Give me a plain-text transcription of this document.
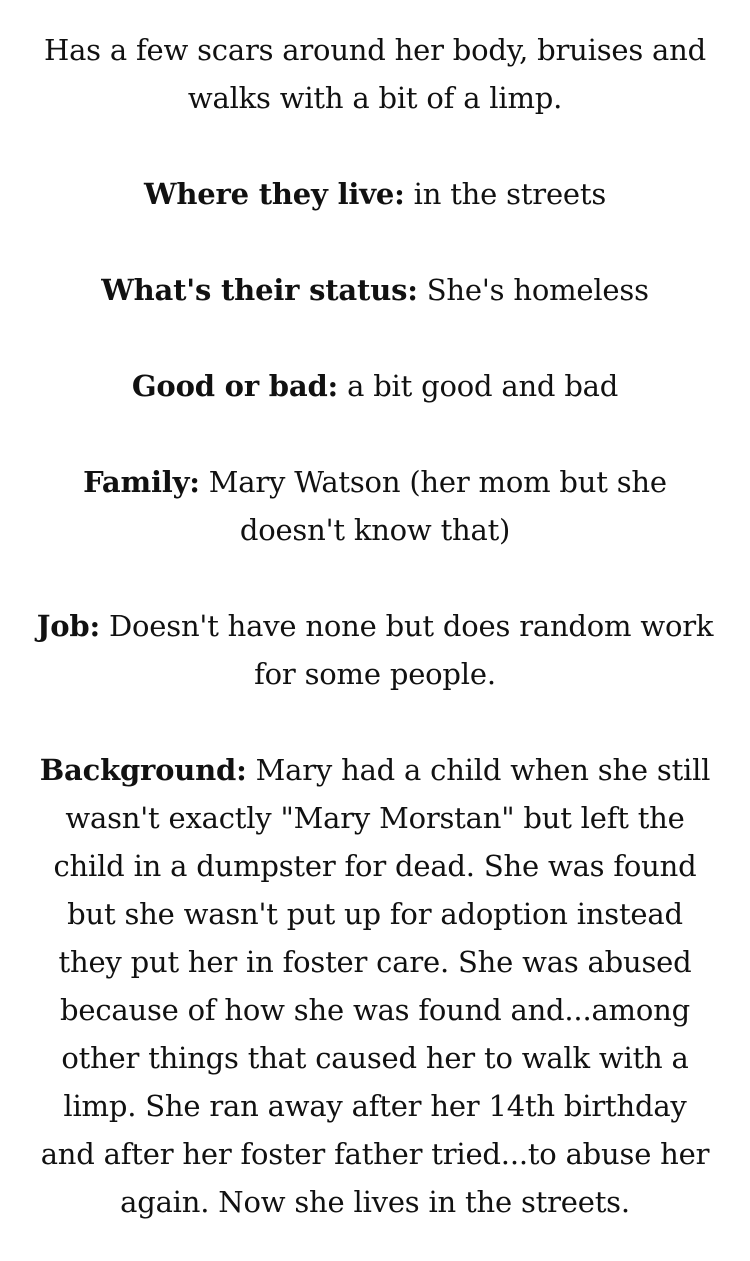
Has a few scars around her body, bruises and walks with a bit of a limp.

Where they live: in the streets

What's their status: She's homeless

Good or bad: a bit good and bad

Family: Mary Watson (her mom but she doesn't know that)

Job: Doesn't have none but does random work for some people.

Background: Mary had a child when she still wasn't exactly "Mary Morstan" but left the child in a dumpster for dead. She was found but she wasn't put up for adoption instead they put her in foster care. She was abused because of how she was found and...among other things that caused her to walk with a limp. She ran away after her 14th birthday and after her foster father tried...to abuse her again. Now she lives in the streets.
